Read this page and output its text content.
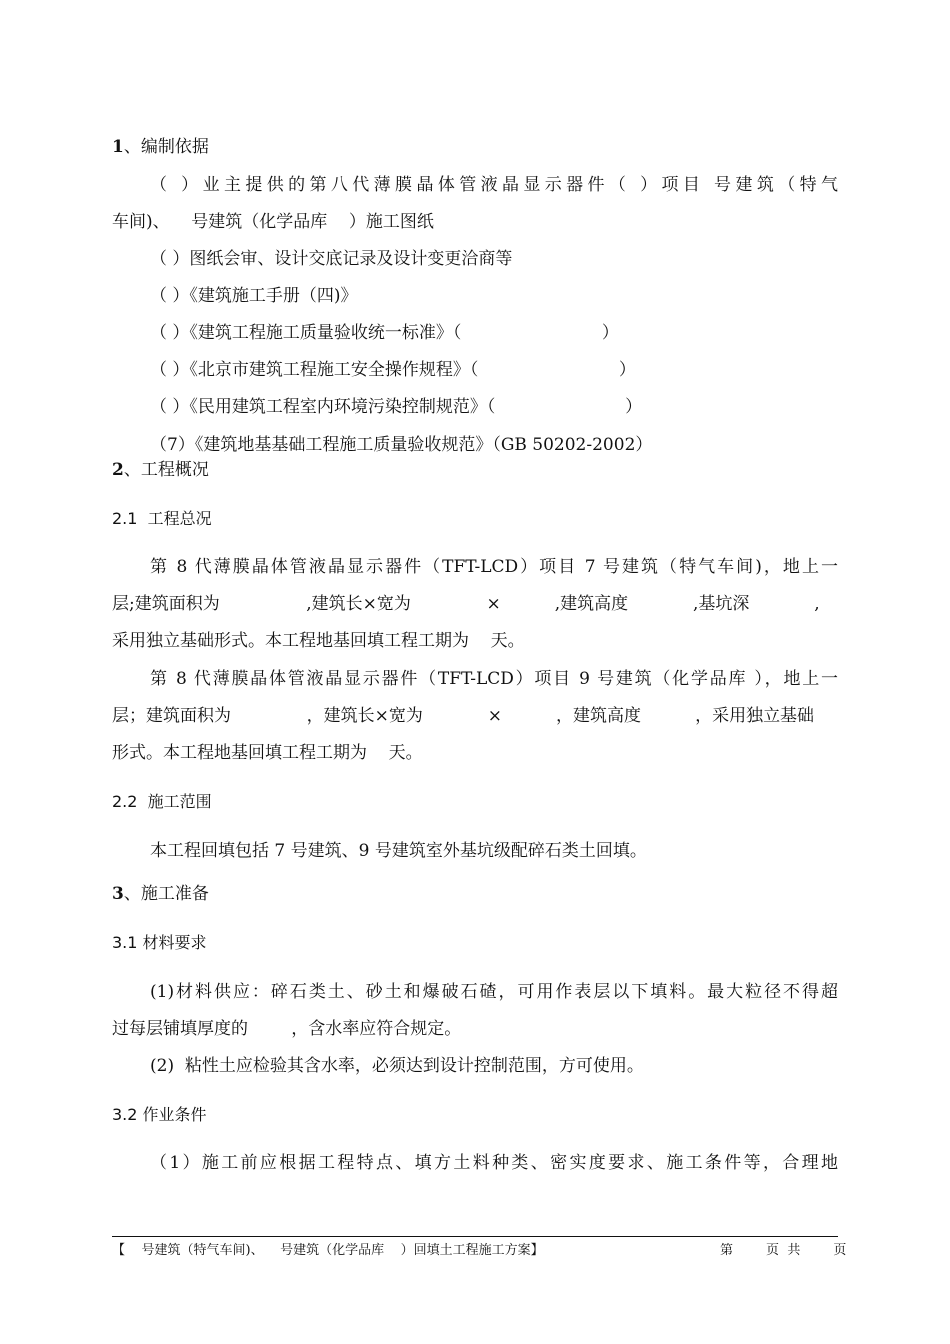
1、编制依据
（ ）业主提供的第八代薄膜晶体管液晶显示器件（ ）项目 号建筑（特气
车间)、    号建筑（化学品库    ）施工图纸
（ ）图纸会审、设计交底记录及设计变更洽商等
（ ）《建筑施工手册（四)》
（ ）《建筑工程施工质量验收统一标准》（                          ）
（ ）《北京市建筑工程施工安全操作规程》（                          ）
（ ）《民用建筑工程室内环境污染控制规范》（                        ）
（7）《建筑地基基础工程施工质量验收规范》（GB 50202-2002）
2、工程概况
2.1  工程总况
第 8 代薄膜晶体管液晶显示器件（TFT-LCD）项目 7 号建筑（特气车间)，地上一
层;建筑面积为                ,建筑长×宽为              ×          ,建筑高度            ,基坑深            ,
采用独立基础形式。本工程地基回填工程工期为    天。
第 8 代薄膜晶体管液晶显示器件（TFT-LCD）项目 9 号建筑（化学品库 ），地上一
层；建筑面积为              ，建筑长×宽为            ×          ，建筑高度          ，采用独立基础
形式。本工程地基回填工程工期为    天。
2.2  施工范围
本工程回填包括 7 号建筑、9 号建筑室外基坑级配碎石类土回填。
3、施工准备
3.1 材料要求
(1)材料供应：碎石类土、砂土和爆破石碴，可用作表层以下填料。最大粒径不得超
过每层铺填厚度的        ，含水率应符合规定。
(2)  粘性土应检验其含水率，必须达到设计控制范围，方可使用。
3.2 作业条件
（1）施工前应根据工程特点、填方土料种类、密实度要求、施工条件等，合理地
【    号建筑（特气车间)、    号建筑（化学品库    ）回填土工程施工方案】	第        页  共        页
